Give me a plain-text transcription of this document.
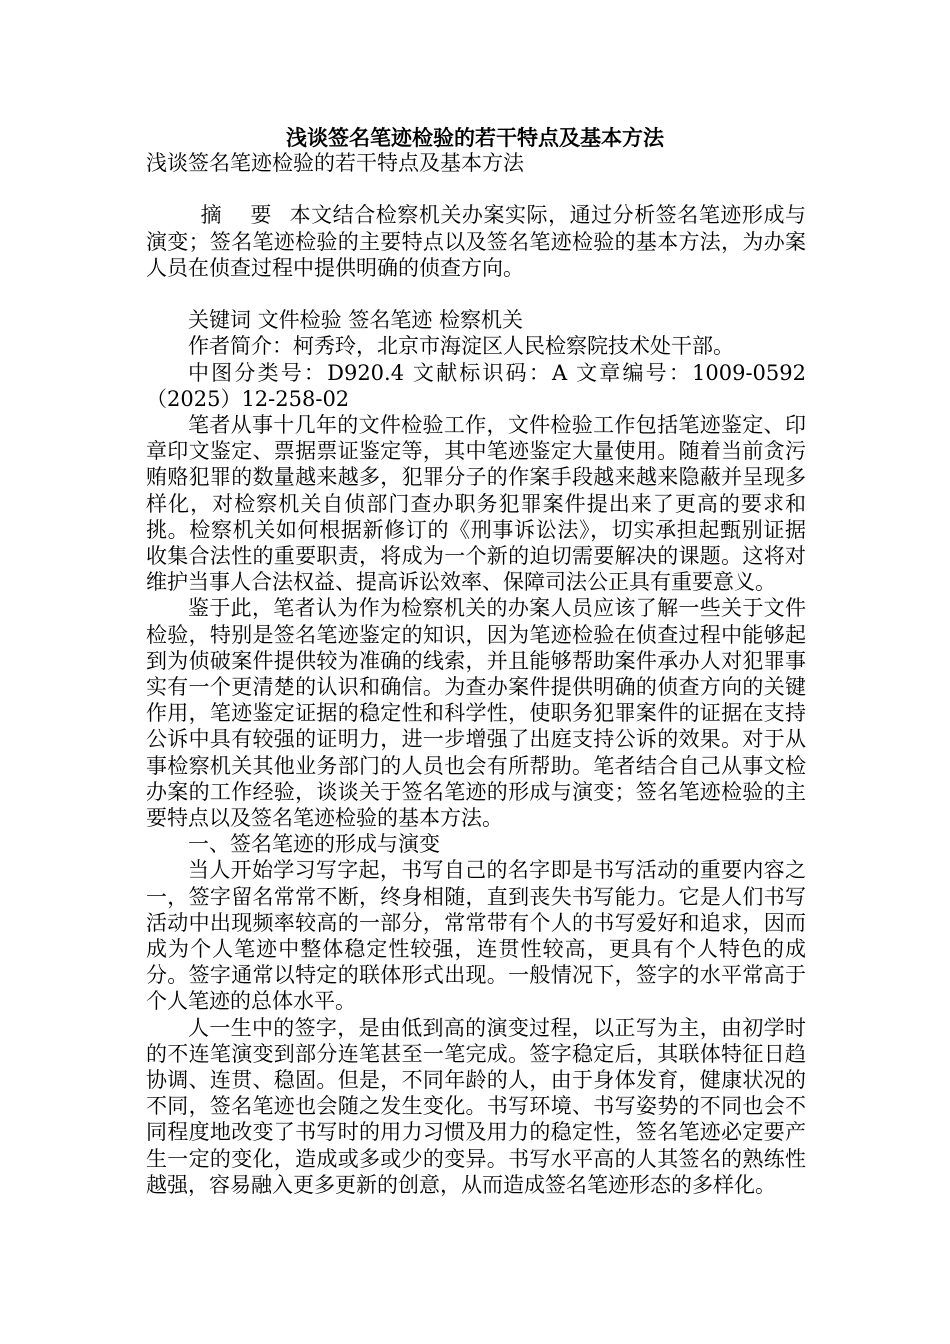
浅谈签名笔迹检验的若干特点及基本方法

浅谈签名笔迹检验的若干特点及基本方法

摘 要 本文结合检察机关办案实际，通过分析签名笔迹形成与演变；签名笔迹检验的主要特点以及签名笔迹检验的基本方法，为办案人员在侦查过程中提供明确的侦查方向。

关键词 文件检验 签名笔迹 检察机关

作者简介：柯秀玲，北京市海淀区人民检察院技术处干部。

中图分类号：D920.4 文献标识码：A 文章编号：1009-0592（2025）12-258-02

笔者从事十几年的文件检验工作，文件检验工作包括笔迹鉴定、印章印文鉴定、票据票证鉴定等，其中笔迹鉴定大量使用。随着当前贪污贿赂犯罪的数量越来越多，犯罪分子的作案手段越来越来隐蔽并呈现多样化，对检察机关自侦部门查办职务犯罪案件提出来了更高的要求和挑。检察机关如何根据新修订的《刑事诉讼法》，切实承担起甄别证据收集合法性的重要职责，将成为一个新的迫切需要解决的课题。这将对维护当事人合法权益、提高诉讼效率、保障司法公正具有重要意义。

鉴于此，笔者认为作为检察机关的办案人员应该了解一些关于文件检验，特别是签名笔迹鉴定的知识，因为笔迹检验在侦查过程中能够起到为侦破案件提供较为准确的线索，并且能够帮助案件承办人对犯罪事实有一个更清楚的认识和确信。为查办案件提供明确的侦查方向的关键作用，笔迹鉴定证据的稳定性和科学性，使职务犯罪案件的证据在支持公诉中具有较强的证明力，进一步增强了出庭支持公诉的效果。对于从事检察机关其他业务部门的人员也会有所帮助。笔者结合自己从事文检办案的工作经验，谈谈关于签名笔迹的形成与演变；签名笔迹检验的主要特点以及签名笔迹检验的基本方法。

一、签名笔迹的形成与演变

当人开始学习写字起，书写自己的名字即是书写活动的重要内容之一，签字留名常常不断，终身相随，直到丧失书写能力。它是人们书写活动中出现频率较高的一部分，常常带有个人的书写爱好和追求，因而成为个人笔迹中整体稳定性较强，连贯性较高，更具有个人特色的成分。签字通常以特定的联体形式出现。一般情况下，签字的水平常高于个人笔迹的总体水平。

人一生中的签字，是由低到高的演变过程，以正写为主，由初学时的不连笔演变到部分连笔甚至一笔完成。签字稳定后，其联体特征日趋协调、连贯、稳固。但是，不同年龄的人，由于身体发育，健康状况的不同，签名笔迹也会随之发生变化。书写环境、书写姿势的不同也会不同程度地改变了书写时的用力习惯及用力的稳定性，签名笔迹必定要产生一定的变化，造成或多或少的变异。书写水平高的人其签名的熟练性越强，容易融入更多更新的创意，从而造成签名笔迹形态的多样化。
